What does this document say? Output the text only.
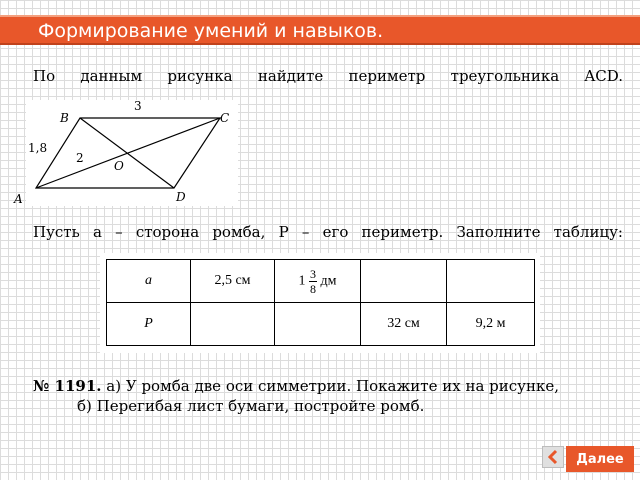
Формирование умений и навыков.
По данным рисунка найдите периметр треугольника ACD.
B	C
A	D
O
3
1,8
2
Пусть a – сторона ромба, P – его периметр. Заполните таблицу:
a	2,5 см	$1 \frac{3}{8}$ дм		
P			32 см	9,2 м
№ 1191. а) У ромба две оси симметрии. Покажите их на рисунке,
б) Перегибая лист бумаги, постройте ромб.
Далее
